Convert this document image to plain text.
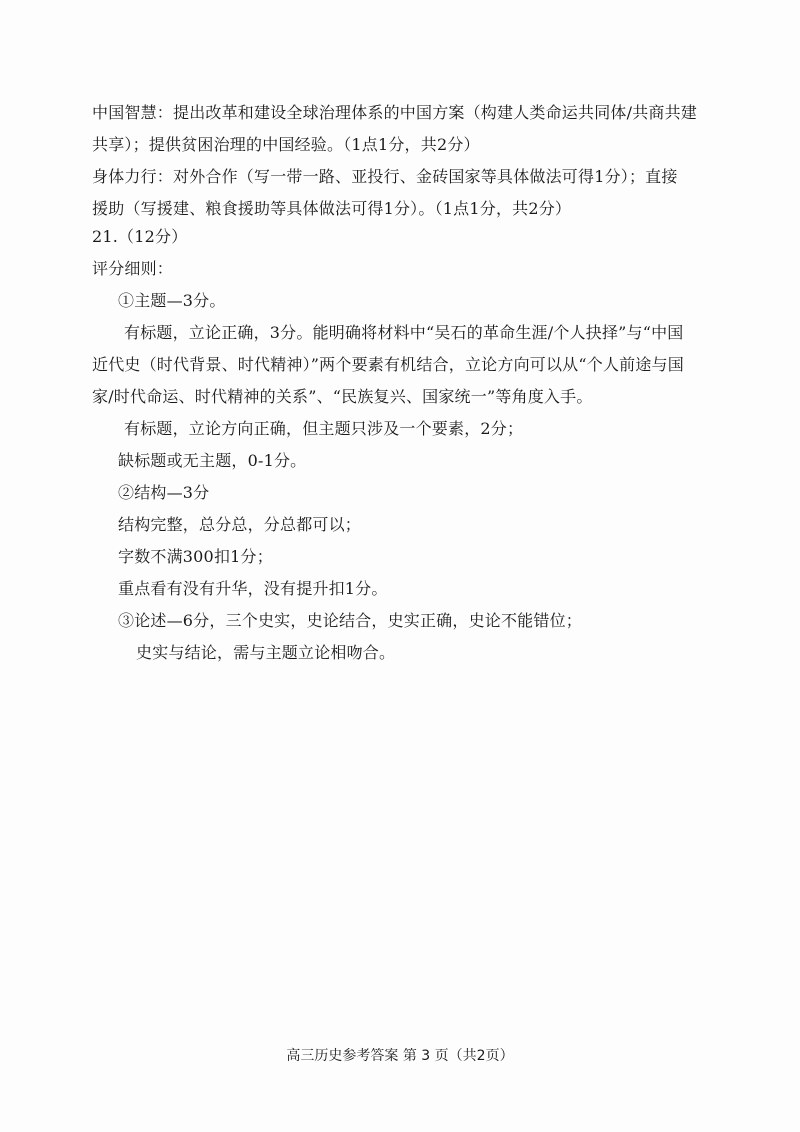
中国智慧：提出改革和建设全球治理体系的中国方案（构建人类命运共同体/共商共建
共享）；提供贫困治理的中国经验。（1点1分，共2分）
身体力行：对外合作（写一带一路、亚投行、金砖国家等具体做法可得1分）；直接
援助（写援建、粮食援助等具体做法可得1分）。（1点1分，共2分）
21.（12分）
评分细则：
①主题—3分。
有标题，立论正确，3分。能明确将材料中“吴石的革命生涯/个人抉择”与“中国
近代史（时代背景、时代精神）”两个要素有机结合，立论方向可以从“个人前途与国
家/时代命运、时代精神的关系”、“民族复兴、国家统一”等角度入手。
有标题，立论方向正确，但主题只涉及一个要素，2分；
缺标题或无主题，0-1分。
②结构—3分
结构完整，总分总，分总都可以；
字数不满300扣1分；
重点看有没有升华，没有提升扣1分。
③论述—6分，三个史实，史论结合，史实正确，史论不能错位；
史实与结论，需与主题立论相吻合。
高三历史参考答案 第 3 页（共2页）
